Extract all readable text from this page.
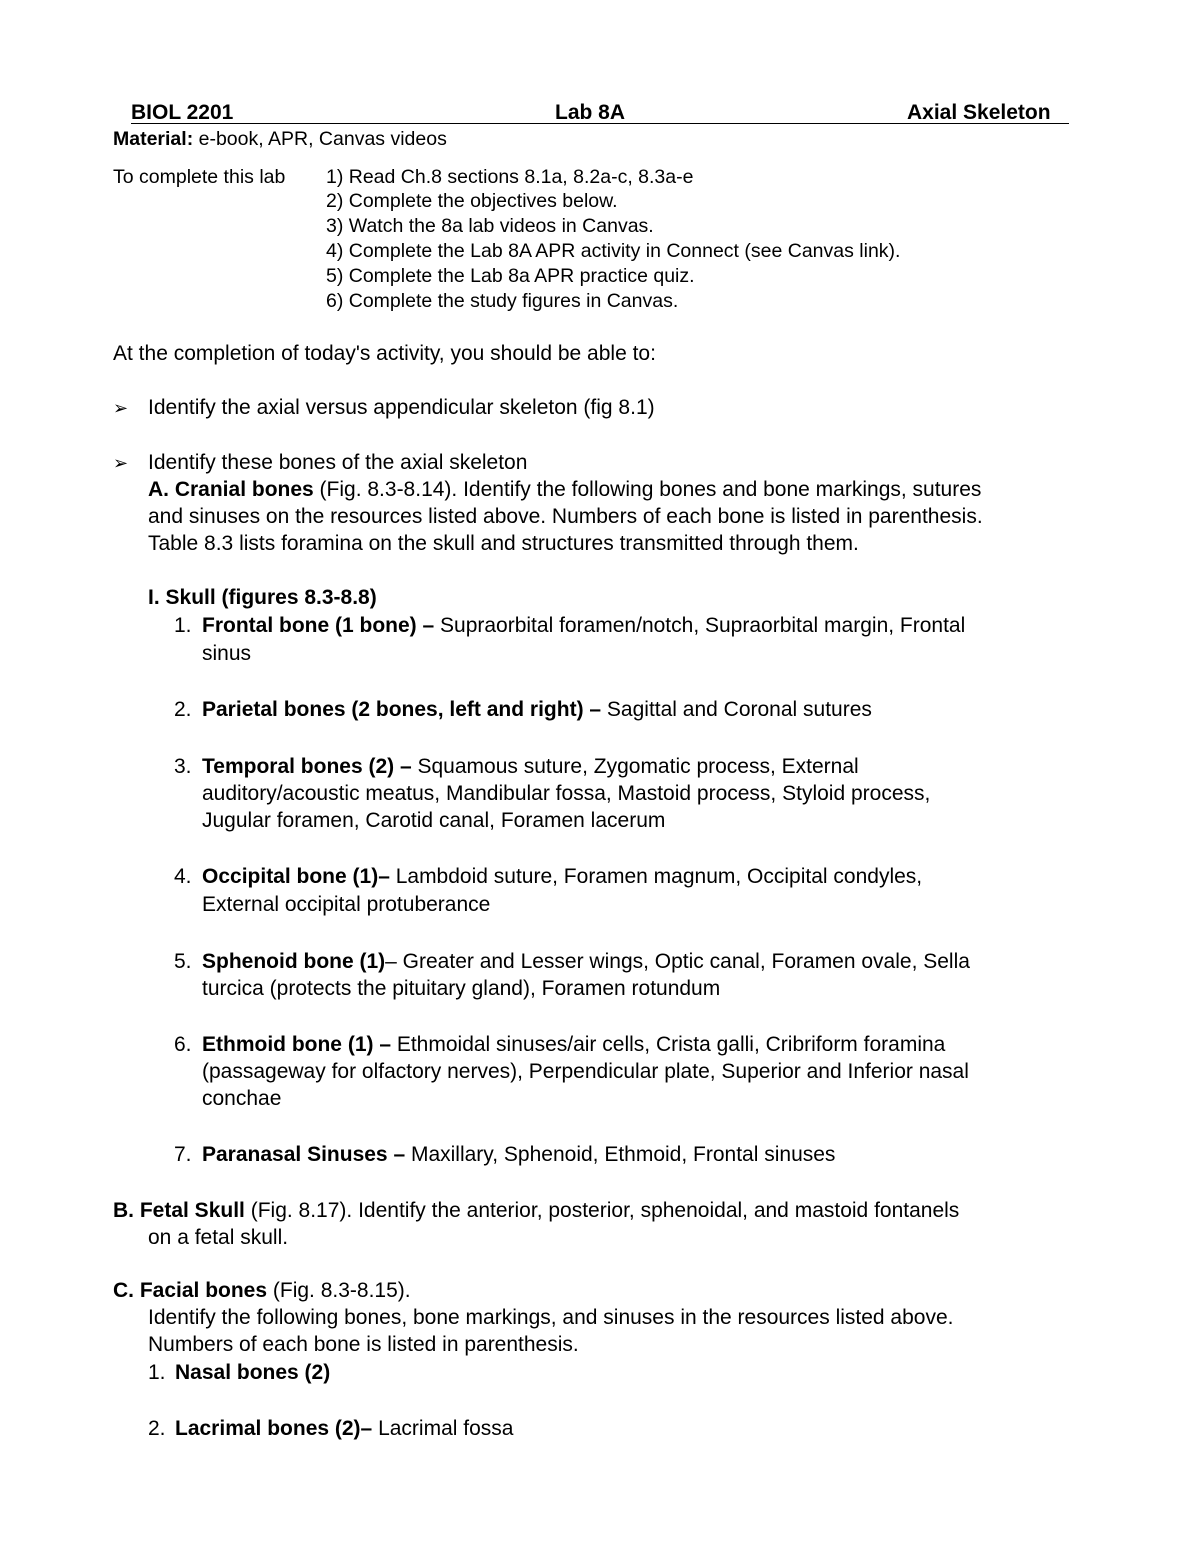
BIOL 2201	Lab 8A	Axial Skeleton
Material: e-book, APR, Canvas videos
To complete this lab 1) Read Ch.8 sections 8.1a, 8.2a-c, 8.3a-e
2) Complete the objectives below.
3) Watch the 8a lab videos in Canvas.
4) Complete the Lab 8A APR activity in Connect (see Canvas link).
5) Complete the Lab 8a APR practice quiz.
6) Complete the study figures in Canvas.
At the completion of today's activity, you should be able to:
➢ Identify the axial versus appendicular skeleton (fig 8.1)
➢ Identify these bones of the axial skeleton
A. Cranial bones (Fig. 8.3-8.14). Identify the following bones and bone markings, sutures
and sinuses on the resources listed above. Numbers of each bone is listed in parenthesis.
Table 8.3 lists foramina on the skull and structures transmitted through them.
I. Skull (figures 8.3-8.8)
1. Frontal bone (1 bone) – Supraorbital foramen/notch, Supraorbital margin, Frontal
sinus
2. Parietal bones (2 bones, left and right) – Sagittal and Coronal sutures
3. Temporal bones (2) – Squamous suture, Zygomatic process, External
auditory/acoustic meatus, Mandibular fossa, Mastoid process, Styloid process,
Jugular foramen, Carotid canal, Foramen lacerum
4. Occipital bone (1)– Lambdoid suture, Foramen magnum, Occipital condyles,
External occipital protuberance
5. Sphenoid bone (1)– Greater and Lesser wings, Optic canal, Foramen ovale, Sella
turcica (protects the pituitary gland), Foramen rotundum
6. Ethmoid bone (1) – Ethmoidal sinuses/air cells, Crista galli, Cribriform foramina
(passageway for olfactory nerves), Perpendicular plate, Superior and Inferior nasal
conchae
7. Paranasal Sinuses – Maxillary, Sphenoid, Ethmoid, Frontal sinuses
B. Fetal Skull (Fig. 8.17). Identify the anterior, posterior, sphenoidal, and mastoid fontanels
on a fetal skull.
C. Facial bones (Fig. 8.3-8.15).
Identify the following bones, bone markings, and sinuses in the resources listed above.
Numbers of each bone is listed in parenthesis.
1. Nasal bones (2)
2. Lacrimal bones (2)– Lacrimal fossa
